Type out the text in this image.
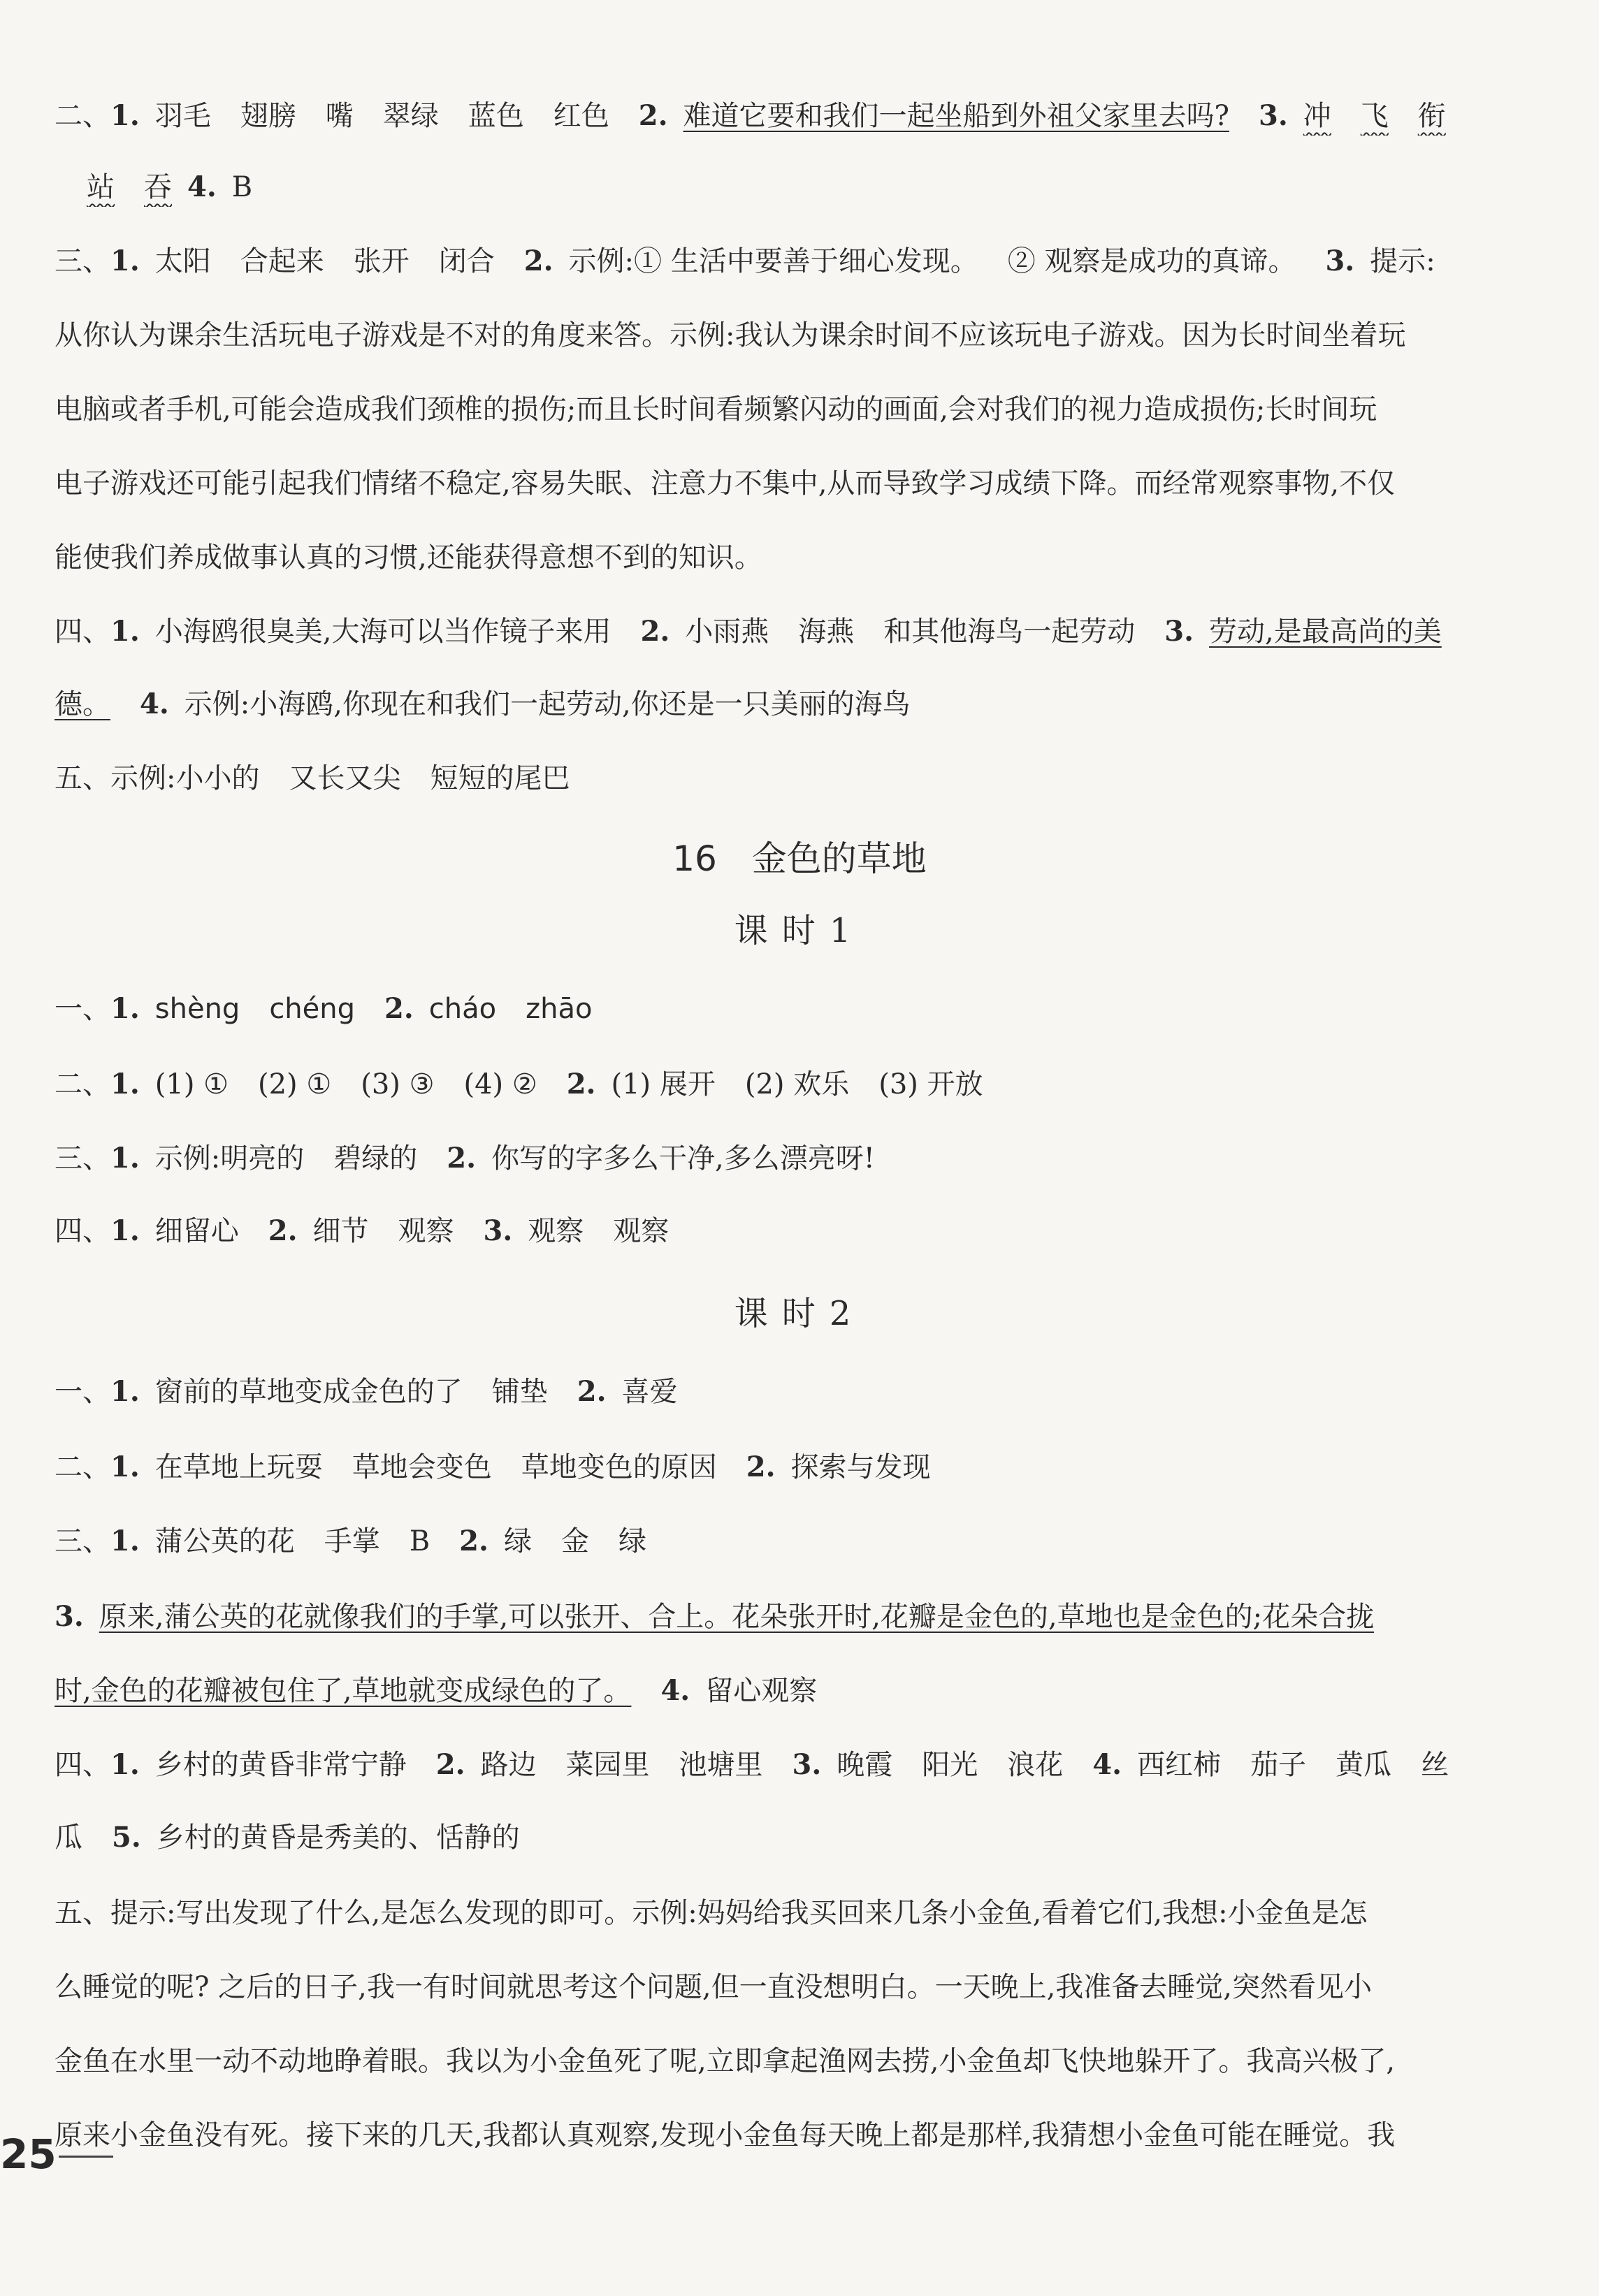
二、1. 羽毛 翅膀 嘴 翠绿 蓝色 红色 2. 难道它要和我们一起坐船到外祖父家里去吗? 3. 冲 飞 衔
站 吞 4. B
三、1. 太阳 合起来 张开 闭合 2. 示例:① 生活中要善于细心发现。 ② 观察是成功的真谛。 3. 提示:
从你认为课余生活玩电子游戏是不对的角度来答。示例:我认为课余时间不应该玩电子游戏。因为长时间坐着玩
电脑或者手机,可能会造成我们颈椎的损伤;而且长时间看频繁闪动的画面,会对我们的视力造成损伤;长时间玩
电子游戏还可能引起我们情绪不稳定,容易失眠、注意力不集中,从而导致学习成绩下降。而经常观察事物,不仅
能使我们养成做事认真的习惯,还能获得意想不到的知识。
四、1. 小海鸥很臭美,大海可以当作镜子来用 2. 小雨燕 海燕 和其他海鸟一起劳动 3. 劳动,是最高尚的美
德。 4. 示例:小海鸥,你现在和我们一起劳动,你还是一只美丽的海鸟
五、示例:小小的 又长又尖 短短的尾巴
16　金色的草地
课时1
一、1. shèng chéng 2. cháo zhāo
二、1. (1) ① (2) ① (3) ③ (4) ② 2. (1) 展开 (2) 欢乐 (3) 开放
三、1. 示例:明亮的 碧绿的 2. 你写的字多么干净,多么漂亮呀!
四、1. 细留心 2. 细节 观察 3. 观察 观察
课时2
一、1. 窗前的草地变成金色的了 铺垫 2. 喜爱
二、1. 在草地上玩耍 草地会变色 草地变色的原因 2. 探索与发现
三、1. 蒲公英的花 手掌 B 2. 绿 金 绿
3. 原来,蒲公英的花就像我们的手掌,可以张开、合上。花朵张开时,花瓣是金色的,草地也是金色的;花朵合拢
时,金色的花瓣被包住了,草地就变成绿色的了。 4. 留心观察
四、1. 乡村的黄昏非常宁静 2. 路边 菜园里 池塘里 3. 晚霞 阳光 浪花 4. 西红柿 茄子 黄瓜 丝
瓜 5. 乡村的黄昏是秀美的、恬静的
五、提示:写出发现了什么,是怎么发现的即可。示例:妈妈给我买回来几条小金鱼,看着它们,我想:小金鱼是怎
么睡觉的呢? 之后的日子,我一有时间就思考这个问题,但一直没想明白。一天晚上,我准备去睡觉,突然看见小
金鱼在水里一动不动地睁着眼。我以为小金鱼死了呢,立即拿起渔网去捞,小金鱼却飞快地躲开了。我高兴极了,
原来小金鱼没有死。接下来的几天,我都认真观察,发现小金鱼每天晚上都是那样,我猜想小金鱼可能在睡觉。我
25
